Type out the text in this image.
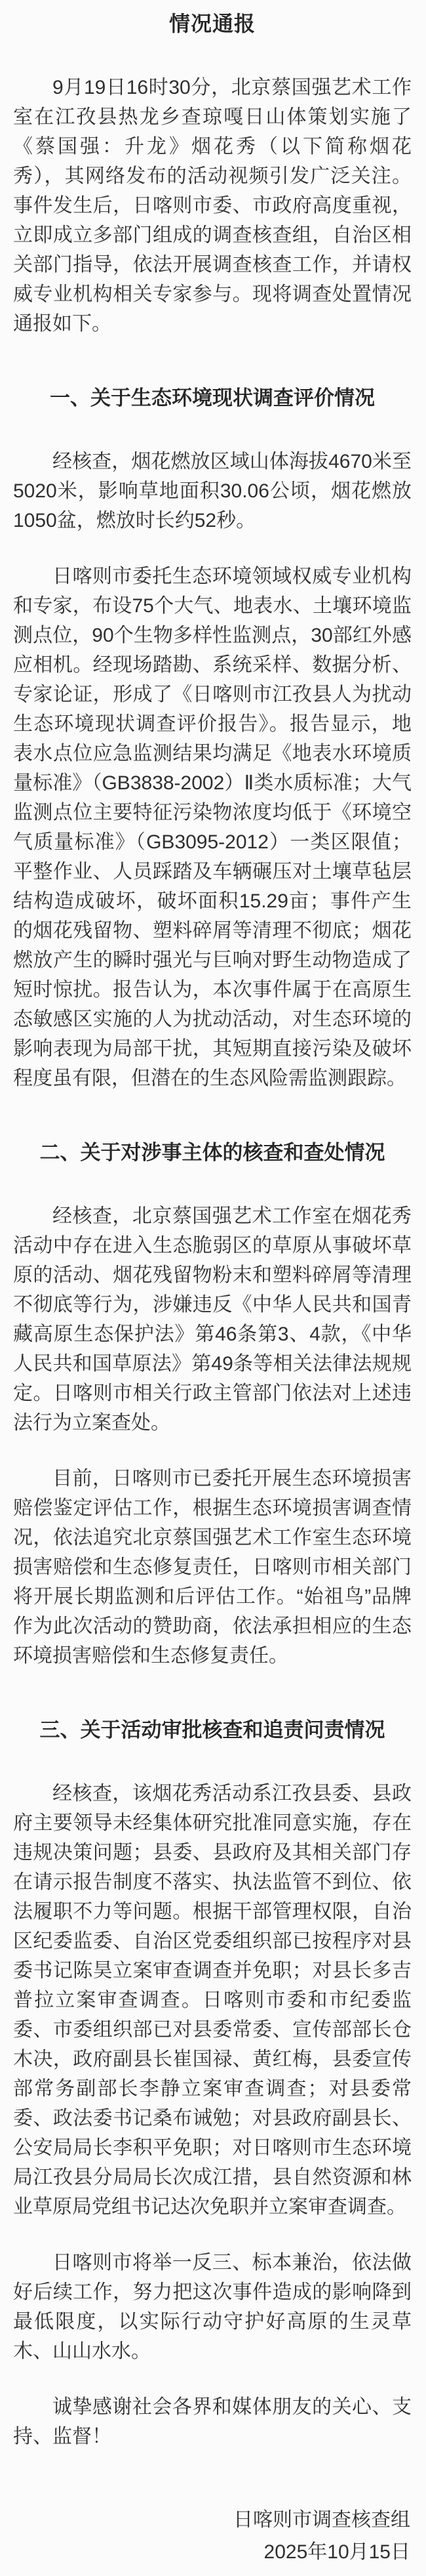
情况通报

9月19日16时30分，北京蔡国强艺术工作室在江孜县热龙乡查琼嘎日山体策划实施了《蔡国强：升龙》烟花秀（以下简称烟花秀），其网络发布的活动视频引发广泛关注。事件发生后，日喀则市委、市政府高度重视，立即成立多部门组成的调查核查组，自治区相关部门指导，依法开展调查核查工作，并请权威专业机构相关专家参与。现将调查处置情况通报如下。

一、关于生态环境现状调查评价情况

经核查，烟花燃放区域山体海拔4670米至5020米，影响草地面积30.06公顷，烟花燃放1050盆，燃放时长约52秒。

日喀则市委托生态环境领域权威专业机构和专家，布设75个大气、地表水、土壤环境监测点位，90个生物多样性监测点，30部红外感应相机。经现场踏勘、系统采样、数据分析、专家论证，形成了《日喀则市江孜县人为扰动生态环境现状调查评价报告》。报告显示，地表水点位应急监测结果均满足《地表水环境质量标准》（GB3838-2002）Ⅱ类水质标准；大气监测点位主要特征污染物浓度均低于《环境空气质量标准》（GB3095-2012）一类区限值；平整作业、人员踩踏及车辆碾压对土壤草毡层结构造成破坏，破坏面积15.29亩；事件产生的烟花残留物、塑料碎屑等清理不彻底；烟花燃放产生的瞬时强光与巨响对野生动物造成了短时惊扰。报告认为，本次事件属于在高原生态敏感区实施的人为扰动活动，对生态环境的影响表现为局部干扰，其短期直接污染及破坏程度虽有限，但潜在的生态风险需监测跟踪。

二、关于对涉事主体的核查和查处情况

经核查，北京蔡国强艺术工作室在烟花秀活动中存在进入生态脆弱区的草原从事破坏草原的活动、烟花残留物粉末和塑料碎屑等清理不彻底等行为，涉嫌违反《中华人民共和国青藏高原生态保护法》第46条第3、4款，《中华人民共和国草原法》第49条等相关法律法规规定。日喀则市相关行政主管部门依法对上述违法行为立案查处。

目前，日喀则市已委托开展生态环境损害赔偿鉴定评估工作，根据生态环境损害调查情况，依法追究北京蔡国强艺术工作室生态环境损害赔偿和生态修复责任，日喀则市相关部门将开展长期监测和后评估工作。“始祖鸟”品牌作为此次活动的赞助商，依法承担相应的生态环境损害赔偿和生态修复责任。

三、关于活动审批核查和追责问责情况

经核查，该烟花秀活动系江孜县委、县政府主要领导未经集体研究批准同意实施，存在违规决策问题；县委、县政府及其相关部门存在请示报告制度不落实、执法监管不到位、依法履职不力等问题。根据干部管理权限，自治区纪委监委、自治区党委组织部已按程序对县委书记陈昊立案审查调查并免职；对县长多吉普拉立案审查调查。日喀则市委和市纪委监委、市委组织部已对县委常委、宣传部部长仓木决，政府副县长崔国禄、黄红梅，县委宣传部常务副部长李静立案审查调查；对县委常委、政法委书记桑布诫勉；对县政府副县长、公安局局长李积平免职；对日喀则市生态环境局江孜县分局局长次成江措，县自然资源和林业草原局党组书记达次免职并立案审查调查。

日喀则市将举一反三、标本兼治，依法做好后续工作，努力把这次事件造成的影响降到最低限度，以实际行动守护好高原的生灵草木、山山水水。

诚挚感谢社会各界和媒体朋友的关心、支持、监督！

日喀则市调查核查组
2025年10月15日
